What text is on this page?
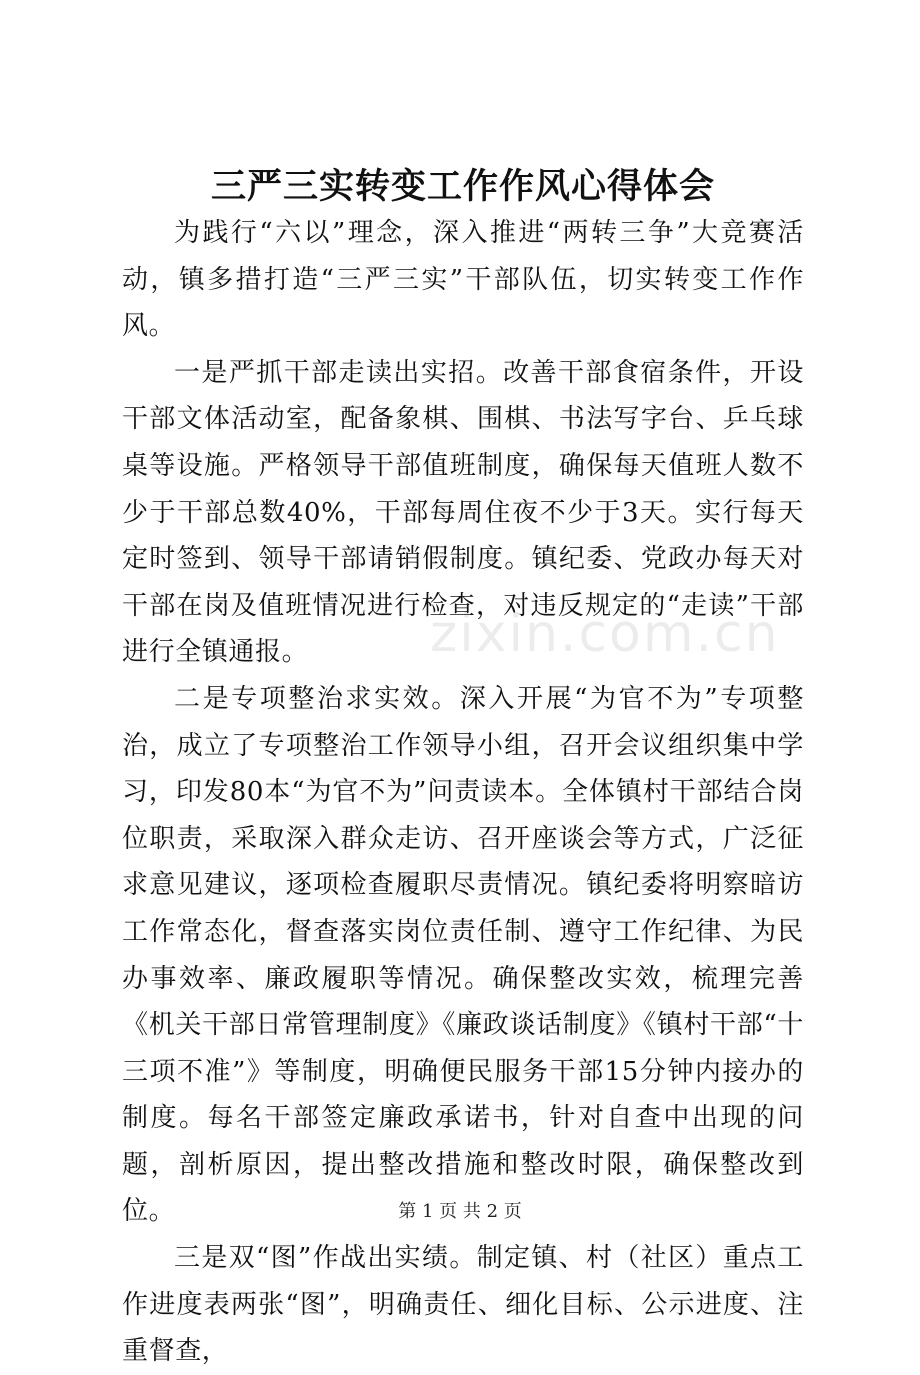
zixin.com.cn
三严三实转变工作作风心得体会

为践行“六以”理念，深入推进“两转三争”大竞赛活动，镇多措打造“三严三实”干部队伍，切实转变工作作风。

一是严抓干部走读出实招。改善干部食宿条件，开设干部文体活动室，配备象棋、围棋、书法写字台、乒乓球桌等设施。严格领导干部值班制度，确保每天值班人数不少于干部总数40%，干部每周住夜不少于3天。实行每天定时签到、领导干部请销假制度。镇纪委、党政办每天对干部在岗及值班情况进行检查，对违反规定的“走读”干部进行全镇通报。

二是专项整治求实效。深入开展“为官不为”专项整治，成立了专项整治工作领导小组，召开会议组织集中学习，印发80本“为官不为”问责读本。全体镇村干部结合岗位职责，采取深入群众走访、召开座谈会等方式，广泛征求意见建议，逐项检查履职尽责情况。镇纪委将明察暗访工作常态化，督查落实岗位责任制、遵守工作纪律、为民办事效率、廉政履职等情况。确保整改实效，梳理完善《机关干部日常管理制度》《廉政谈话制度》《镇村干部“十三项不准”》等制度，明确便民服务干部15分钟内接办的制度。每名干部签定廉政承诺书，针对自查中出现的问题，剖析原因，提出整改措施和整改时限，确保整改到位。

三是双“图”作战出实绩。制定镇、村（社区）重点工作进度表两张“图”，明确责任、细化目标、公示进度、注重督查，

第 1 页 共 2 页
